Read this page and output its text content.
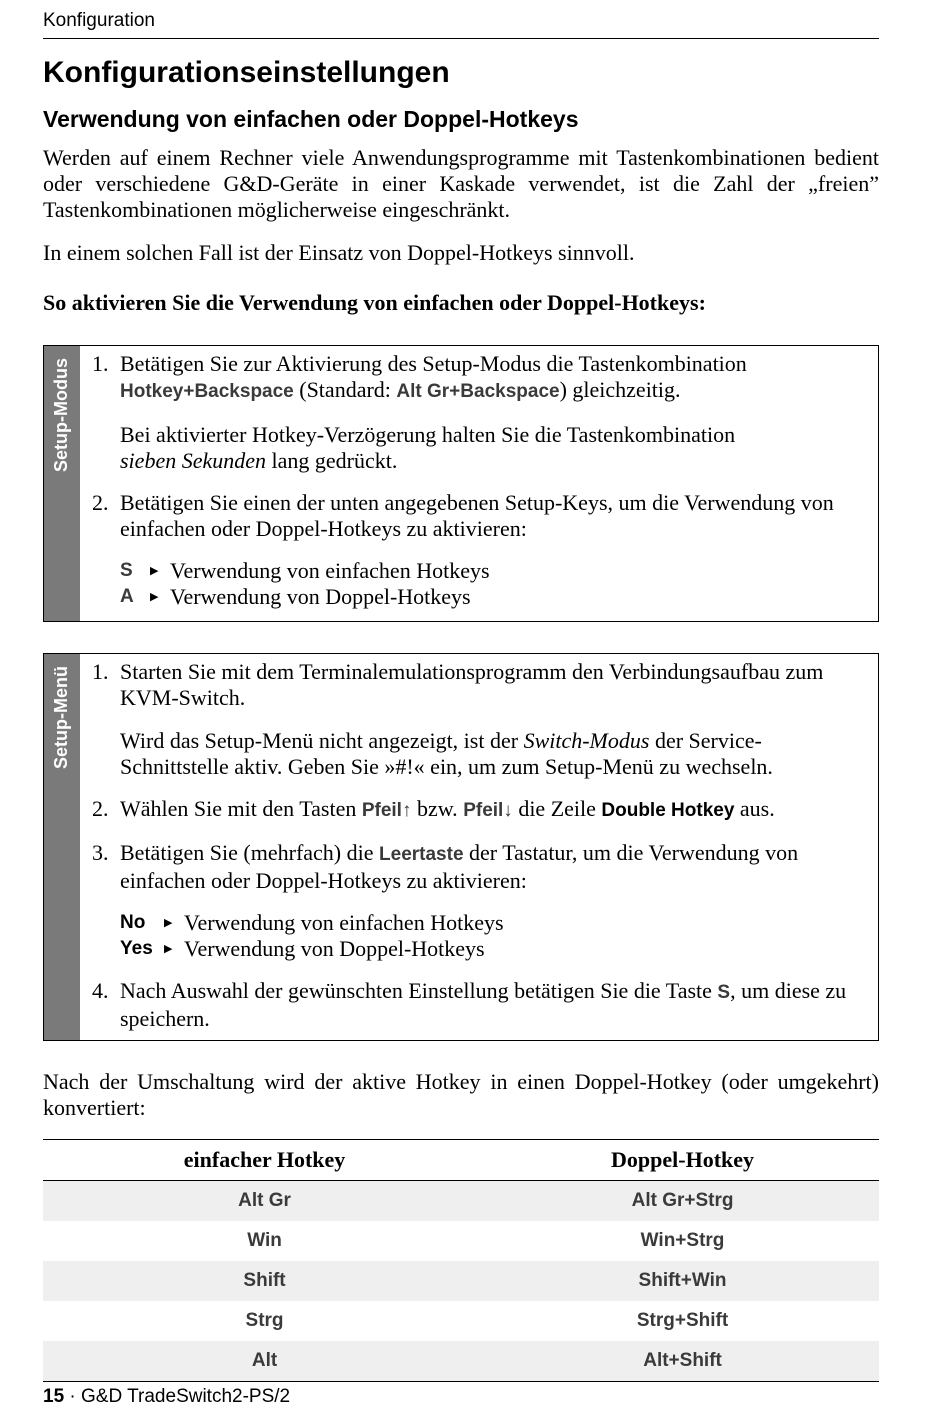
Konfiguration
Konfigurationseinstellungen
Verwendung von einfachen oder Doppel-Hotkeys

Werden auf einem Rechner viele Anwendungsprogramme mit Tastenkombinationen bedient oder verschiedene G&D-Geräte in einer Kaskade verwendet, ist die Zahl der „freien” Tastenkombinationen möglicherweise eingeschränkt.

In einem solchen Fall ist der Einsatz von Doppel-Hotkeys sinnvoll.

So aktivieren Sie die Verwendung von einfachen oder Doppel-Hotkeys:

Setup-Modus 1. Betätigen Sie zur Aktivierung des Setup-Modus die Tastenkombination
Hotkey+Backspace (Standard: Alt Gr+Backspace) gleichzeitig.

Bei aktivierter Hotkey-Verzögerung halten Sie die Tastenkombination
sieben Sekunden lang gedrückt.

2. Betätigen Sie einen der unten angegebenen Setup-Keys, um die Verwendung von einfachen oder Doppel-Hotkeys zu aktivieren:

S	▶ Verwendung von einfachen Hotkeys
A	▶ Verwendung von Doppel-Hotkeys
Setup-Menü 1. Starten Sie mit dem Terminalemulationsprogramm den Verbindungsaufbau zum KVM-Switch.

Wird das Setup-Menü nicht angezeigt, ist der Switch-Modus der Service-Schnittstelle aktiv. Geben Sie »#!« ein, um zum Setup-Menü zu wechseln.

2. Wählen Sie mit den Tasten Pfeil↑ bzw. Pfeil↓ die Zeile Double Hotkey aus.

3. Betätigen Sie (mehrfach) die Leertaste der Tastatur, um die Verwendung von einfachen oder Doppel-Hotkeys zu aktivieren:

No	▶ Verwendung von einfachen Hotkeys
Yes	▶ Verwendung von Doppel-Hotkeys
4. Nach Auswahl der gewünschten Einstellung betätigen Sie die Taste S, um diese zu speichern.

Nach der Umschaltung wird der aktive Hotkey in einen Doppel-Hotkey (oder umgekehrt) konvertiert:

einfacher Hotkey	Doppel-Hotkey
Alt Gr	Alt Gr+Strg
Win	Win+Strg
Shift	Shift+Win
Strg	Strg+Shift
Alt	Alt+Shift
15 · G&D TradeSwitch2-PS/2
